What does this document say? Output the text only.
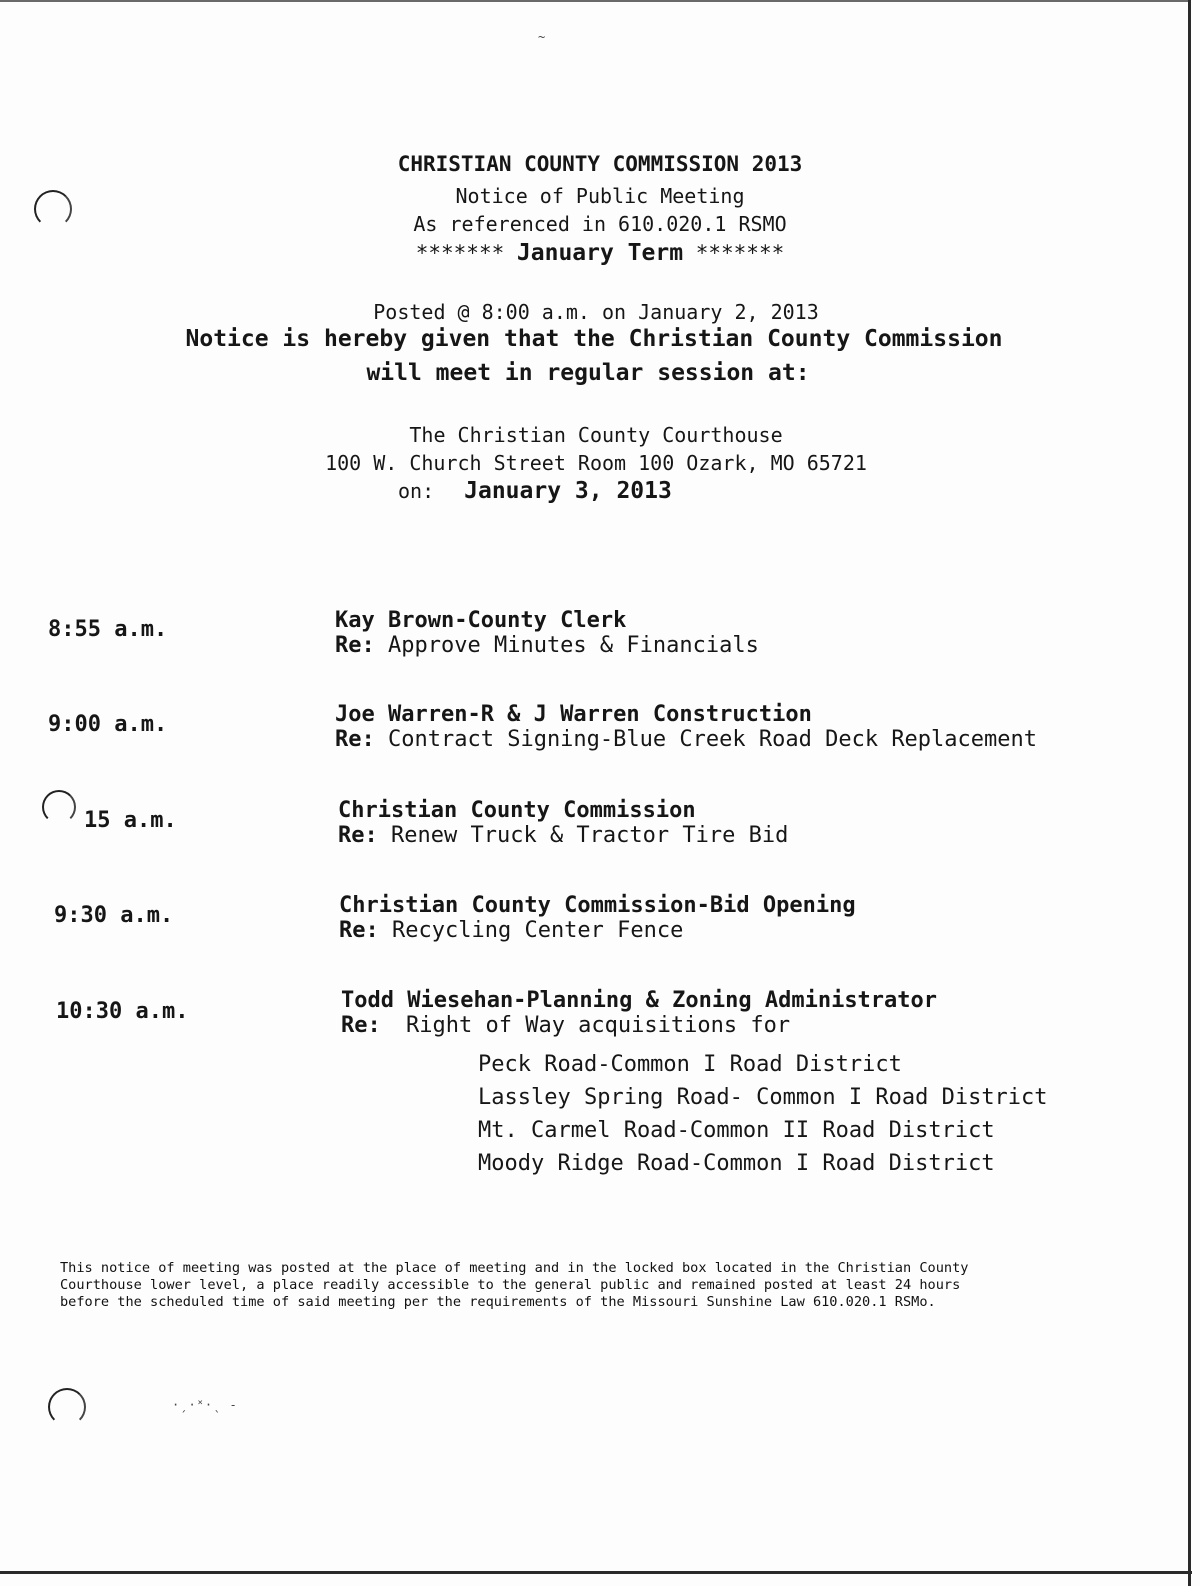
~
·ˏ·˟·ˎ ‐
CHRISTIAN COUNTY COMMISSION 2013
Notice of Public Meeting
As referenced in 610.020.1 RSMO
******* January Term *******
Posted @ 8:00 a.m. on January 2, 2013
Notice is hereby given that the Christian County Commission
will meet in regular session at:
The Christian County Courthouse
100 W. Church Street Room 100 Ozark, MO 65721
on: January 3, 2013
8:55 a.m.	Kay Brown-County Clerk
Re: Approve Minutes & Financials
9:00 a.m.	Joe Warren-R & J Warren Construction
Re: Contract Signing-Blue Creek Road Deck Replacement
15 a.m.	Christian County Commission
Re: Renew Truck & Tractor Tire Bid
9:30 a.m.	Christian County Commission-Bid Opening
Re: Recycling Center Fence
10:30 a.m.	Todd Wiesehan-Planning & Zoning Administrator
Re: Right of Way acquisitions for
Peck Road-Common I Road District
Lassley Spring Road- Common I Road District
Mt. Carmel Road-Common II Road District
Moody Ridge Road-Common I Road District
This notice of meeting was posted at the place of meeting and in the locked box located in the Christian County
Courthouse lower level, a place readily accessible to the general public and remained posted at least 24 hours
before the scheduled time of said meeting per the requirements of the Missouri Sunshine Law 610.020.1 RSMo.
